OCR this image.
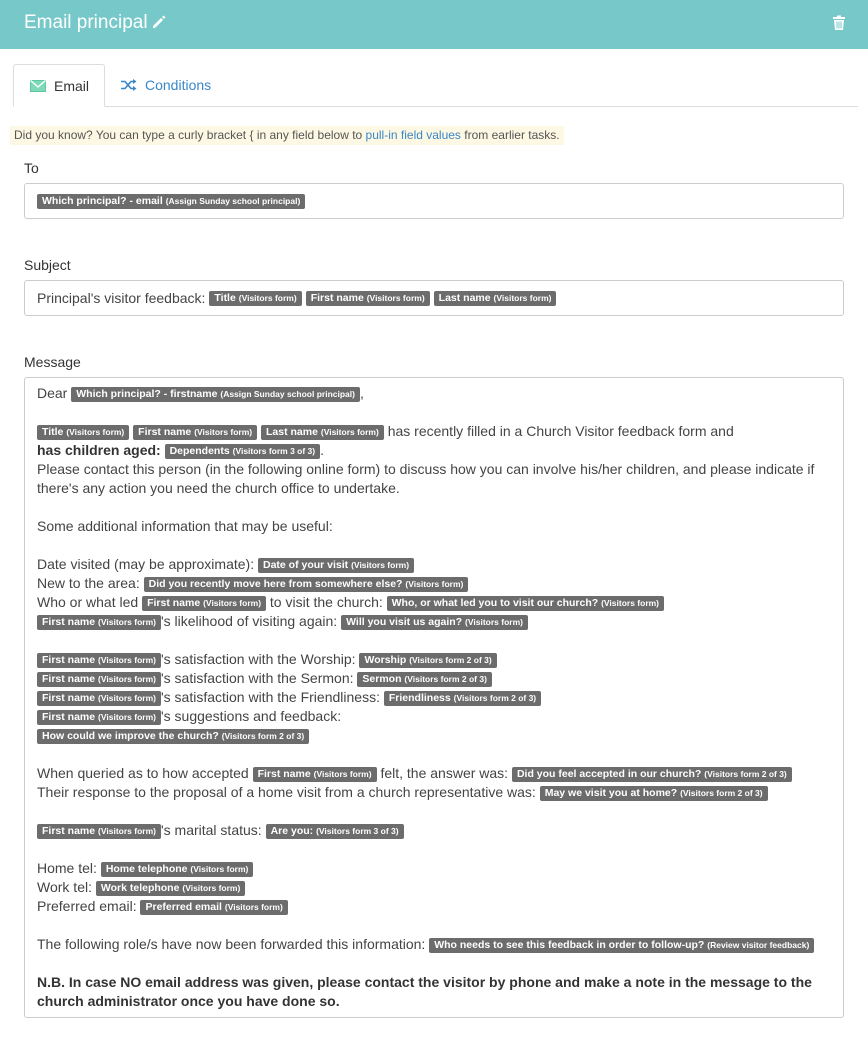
Email principal
Email	Conditions
Did you know? You can type a curly bracket { in any field below to pull-in field values from earlier tasks.
To
Which principal? - email (Assign Sunday school principal)
Subject
Principal's visitor feedback: Title (Visitors form)	First name (Visitors form)	Last name (Visitors form)
Message
Dear Which principal? - firstname (Assign Sunday school principal) ,
Title (Visitors form) First name (Visitors form) Last name (Visitors form) has recently filled in a Church Visitor feedback form and
has children aged: Dependents (Visitors form 3 of 3) .
Please contact this person (in the following online form) to discuss how you can involve his/her children, and please indicate if there's any action you need the church office to undertake.
Some additional information that may be useful:
Date visited (may be approximate): Date of your visit (Visitors form)
New to the area: Did you recently move here from somewhere else? (Visitors form)
Who or what led First name (Visitors form) to visit the church: Who, or what led you to visit our church? (Visitors form)
First name (Visitors form) 's likelihood of visiting again: Will you visit us again? (Visitors form)
First name (Visitors form) 's satisfaction with the Worship: Worship (Visitors form 2 of 3)
First name (Visitors form) 's satisfaction with the Sermon: Sermon (Visitors form 2 of 3)
First name (Visitors form) 's satisfaction with the Friendliness: Friendliness (Visitors form 2 of 3)
First name (Visitors form) 's suggestions and feedback:
How could we improve the church? (Visitors form 2 of 3)
When queried as to how accepted First name (Visitors form) felt, the answer was: Did you feel accepted in our church? (Visitors form 2 of 3)
Their response to the proposal of a home visit from a church representative was: May we visit you at home? (Visitors form 2 of 3)
First name (Visitors form) 's marital status: Are you: (Visitors form 3 of 3)
Home tel: Home telephone (Visitors form)
Work tel: Work telephone (Visitors form)
Preferred email: Preferred email (Visitors form)
The following role/s have now been forwarded this information: Who needs to see this feedback in order to follow-up? (Review visitor feedback)
N.B. In case NO email address was given, please contact the visitor by phone and make a note in the message to the church administrator once you have done so.
